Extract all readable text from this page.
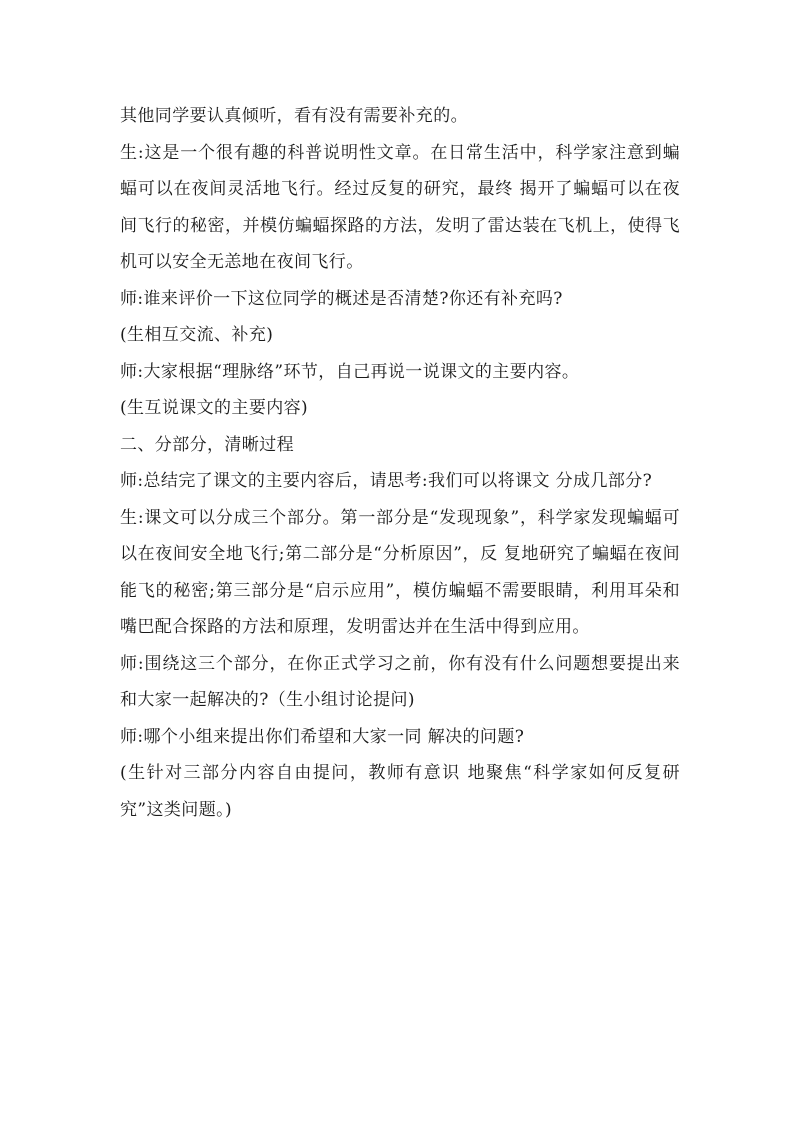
其他同学要认真倾听，看有没有需要补充的。

生:这是一个很有趣的科普说明性文章。在日常生活中，科学家注意到蝙蝠可以在夜间灵活地飞行。经过反复的研究，最终 揭开了蝙蝠可以在夜间飞行的秘密，并模仿蝙蝠探路的方法，发明了雷达装在飞机上，使得飞机可以安全无恙地在夜间飞行。

师:谁来评价一下这位同学的概述是否清楚?你还有补充吗?

(生相互交流、补充)

师:大家根据“理脉络”环节，自己再说一说课文的主要内容。

(生互说课文的主要内容)

二、分部分，清晰过程

师:总结完了课文的主要内容后，请思考:我们可以将课文 分成几部分?

生:课文可以分成三个部分。第一部分是“发现现象”，科学家发现蝙蝠可以在夜间安全地飞行;第二部分是“分析原因”，反 复地研究了蝙蝠在夜间能飞的秘密;第三部分是“启示应用”，模仿蝙蝠不需要眼睛，利用耳朵和嘴巴配合探路的方法和原理，发明雷达并在生活中得到应用。

师:围绕这三个部分，在你正式学习之前，你有没有什么问题想要提出来和大家一起解决的?（生小组讨论提问)

师:哪个小组来提出你们希望和大家一同 解决的问题?

(生针对三部分内容自由提问，教师有意识 地聚焦“科学家如何反复研究”这类问题。)
